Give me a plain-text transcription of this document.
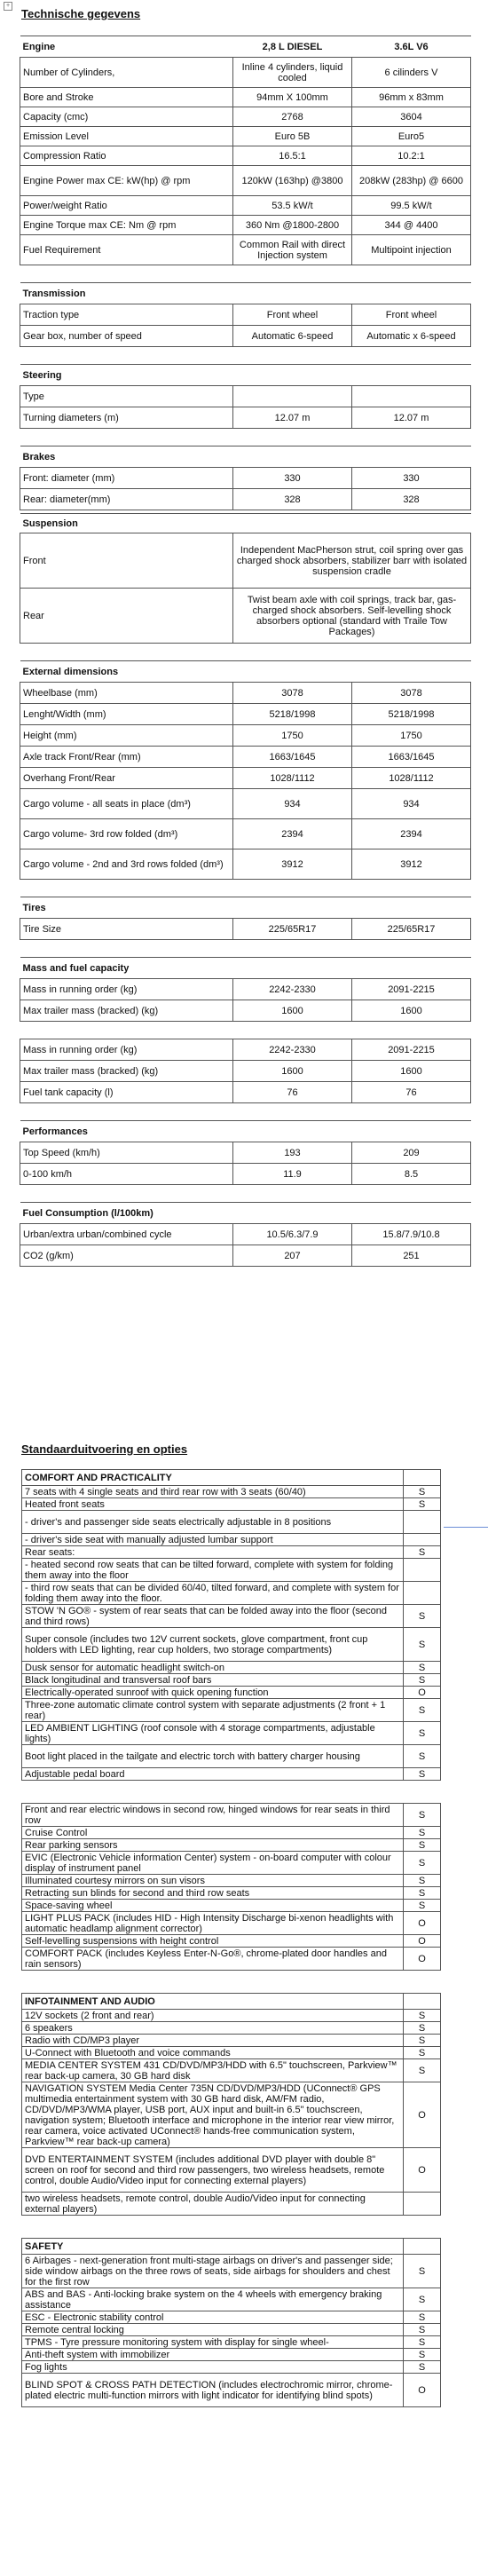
+
Technische gegevens
Engine	2,8 L DIESEL	3.6L V6
Number of Cylinders,	Inline 4 cylinders, liquid cooled	6 cilinders V
Bore and Stroke	94mm X 100mm	96mm x 83mm
Capacity (cmc)	2768	3604
Emission Level	Euro 5B	Euro5
Compression Ratio	16.5:1	10.2:1
Engine Power max CE: kW(hp) @ rpm	120kW (163hp) @3800	208kW (283hp) @ 6600
Power/weight Ratio	53.5 kW/t	99.5 kW/t
Engine Torque max CE: Nm @ rpm	360 Nm @1800-2800	344 @ 4400
Fuel Requirement	Common Rail with direct Injection system	Multipoint injection

Transmission		
Traction type	Front wheel	Front wheel
Gear box, number of speed	Automatic 6-speed	Automatic x 6-speed

Steering		
Type		
Turning diameters (m)	12.07 m	12.07 m

Brakes		
Front: diameter (mm)	330	330
Rear: diameter(mm)	328	328

Suspension		
Front	Independent MacPherson strut, coil spring over gas charged shock absorbers, stabilizer barr with isolated suspension cradle	
Rear	Twist beam axle with coil springs, track bar, gas-charged shock absorbers. Self-levelling shock absorbers optional (standard with Traile Tow Packages)	

External dimensions		
Wheelbase (mm)	3078	3078
Lenght/Width (mm)	5218/1998	5218/1998
Height (mm)	1750	1750
Axle track Front/Rear (mm)	1663/1645	1663/1645
Overhang Front/Rear	1028/1112	1028/1112
Cargo volume - all seats in place (dm³)	934	934
Cargo volume- 3rd row folded (dm³)	2394	2394
Cargo volume - 2nd and 3rd rows folded (dm³)	3912	3912

Tires		
Tire Size	225/65R17	225/65R17

Mass and fuel capacity		
Mass in running order (kg)	2242-2330	2091-2215
Max trailer mass (bracked) (kg)	1600	1600

Mass in running order (kg)	2242-2330	2091-2215
Max trailer mass (bracked) (kg)	1600	1600
Fuel tank capacity (l)	76	76

Performances		
Top Speed (km/h)	193	209
0-100 km/h	11.9	8.5

Fuel Consumption (l/100km)		
Urban/extra urban/combined cycle	10.5/6.3/7.9	15.8/7.9/10.8
CO2 (g/km)	207	251
Standaarduitvoering en opties
COMFORT AND PRACTICALITY	
7 seats with 4 single seats and third rear row with 3 seats (60/40)	S
Heated front seats	S
- driver's and passenger side seats electrically adjustable in 8 positions	
- driver's side seat with manually adjusted lumbar support	
Rear seats:	S
- heated second row seats that can be tilted forward, complete with system for folding them away into the floor	
- third row seats that can be divided 60/40, tilted forward, and complete with system for folding them away into the floor.	
STOW 'N GO® - system of rear seats that can be folded away into the floor (second and third rows)	S
Super console (includes two 12V current sockets, glove compartment, front cup holders with LED lighting, rear cup holders, two storage compartments)	S
Dusk sensor for automatic headlight switch-on	S
Black longitudinal and transversal roof bars	S
Electrically-operated sunroof with quick opening function	O
Three-zone automatic climate control system with separate adjustments (2 front + 1 rear)	S
LED AMBIENT LIGHTING (roof console with 4 storage compartments, adjustable lights)	S
Boot light placed in the tailgate and electric torch with battery charger housing	S
Adjustable pedal board	S
Front and rear electric windows in second row, hinged windows for rear seats in third row	S
Cruise Control	S
Rear parking sensors	S
EVIC (Electronic Vehicle information Center) system - on-board computer with colour display of instrument panel	S
Illuminated courtesy mirrors on sun visors	S
Retracting sun blinds for second and third row seats	S
Space-saving wheel	S
LIGHT PLUS PACK (includes HID - High Intensity Discharge bi-xenon headlights with automatic headlamp alignment corrector)	O
Self-levelling suspensions with height control	O
COMFORT PACK (includes Keyless Enter-N-Go®, chrome-plated door handles and rain sensors)	O
INFOTAINMENT AND AUDIO	
12V sockets (2 front and rear)	S
6 speakers	S
Radio with CD/MP3 player	S
U-Connect with Bluetooth and voice commands	S
MEDIA CENTER SYSTEM 431 CD/DVD/MP3/HDD with 6.5" touchscreen, Parkview™ rear back-up camera, 30 GB hard disk	S
NAVIGATION SYSTEM Media Center 735N CD/DVD/MP3/HDD (UConnect® GPS multimedia entertainment system with 30 GB hard disk, AM/FM radio, CD/DVD/MP3/WMA player, USB port, AUX input and built-in 6.5" touchscreen, navigation system; Bluetooth interface and microphone in the interior rear view mirror, rear camera, voice activated UConnect® hands-free communication system, Parkview™ rear back-up camera)	O
DVD ENTERTAINMENT SYSTEM (includes additional DVD player with double 8" screen on roof for second and third row passengers, two wireless headsets, remote control, double Audio/Video input for connecting external players)	O
two wireless headsets, remote control, double Audio/Video input for connecting external players)	
SAFETY	
6 Airbages - next-generation front multi-stage airbags on driver's and passenger side; side window airbags on the three rows of seats, side airbags for shoulders and chest for the first row	S
ABS and BAS - Anti-locking brake system on the 4 wheels with emergency braking assistance	S
ESC - Electronic stability control	S
Remote central locking	S
TPMS - Tyre pressure monitoring system with display for single wheel-	S
Anti-theft system with immobilizer	S
Fog lights	S
BLIND SPOT & CROSS PATH DETECTION (includes electrochromic mirror, chrome-plated electric multi-function mirrors with light indicator for identifying blind spots)	O
